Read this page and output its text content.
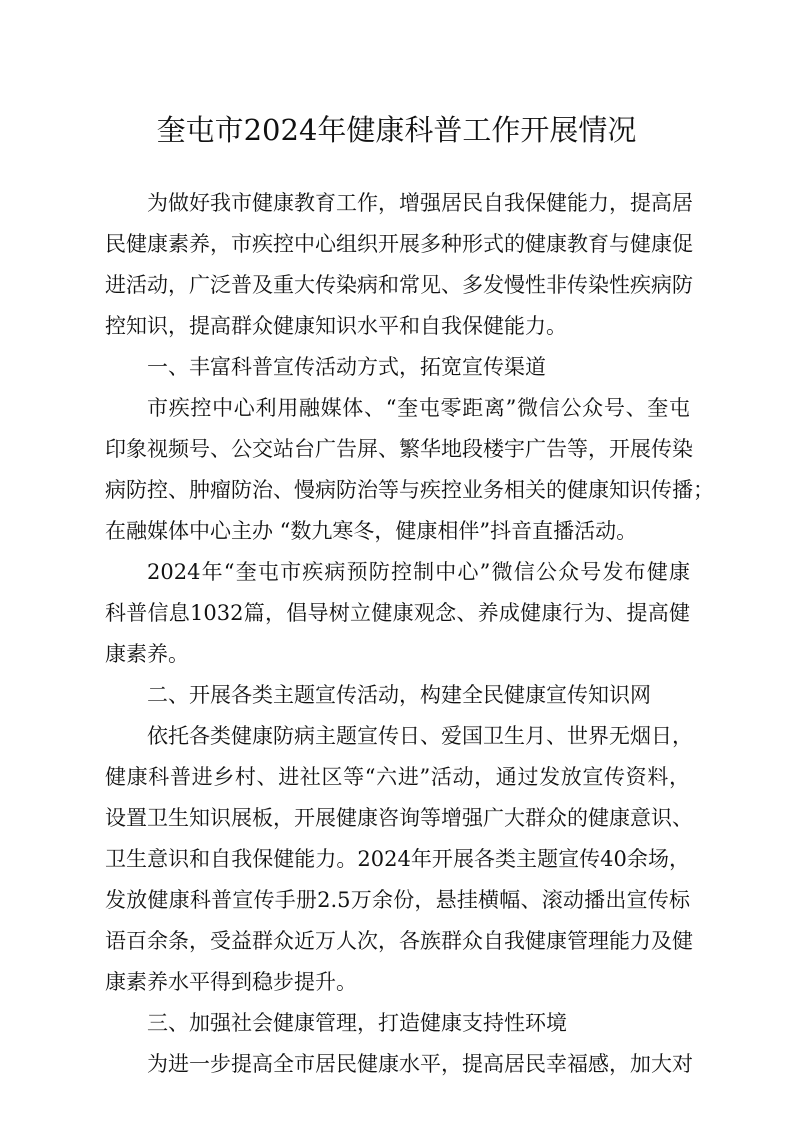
奎屯市2024年健康科普工作开展情况
为做好我市健康教育工作，增强居民自我保健能力，提高居
民健康素养，市疾控中心组织开展多种形式的健康教育与健康促
进活动，广泛普及重大传染病和常见、多发慢性非传染性疾病防
控知识，提高群众健康知识水平和自我保健能力。
一、丰富科普宣传活动方式，拓宽宣传渠道
市疾控中心利用融媒体、“奎屯零距离”微信公众号、奎屯
印象视频号、公交站台广告屏、繁华地段楼宇广告等，开展传染
病防控、肿瘤防治、慢病防治等与疾控业务相关的健康知识传播；
在融媒体中心主办 “数九寒冬，健康相伴”抖音直播活动。
2024年“奎屯市疾病预防控制中心”微信公众号发布健康
科普信息1032篇，倡导树立健康观念、养成健康行为、提高健
康素养。
二、开展各类主题宣传活动，构建全民健康宣传知识网
依托各类健康防病主题宣传日、爱国卫生月、世界无烟日，
健康科普进乡村、进社区等“六进”活动，通过发放宣传资料，
设置卫生知识展板，开展健康咨询等增强广大群众的健康意识、
卫生意识和自我保健能力。2024年开展各类主题宣传40余场，
发放健康科普宣传手册2.5万余份，悬挂横幅、滚动播出宣传标
语百余条，受益群众近万人次，各族群众自我健康管理能力及健
康素养水平得到稳步提升。
三、加强社会健康管理，打造健康支持性环境
为进一步提高全市居民健康水平，提高居民幸福感，加大对
